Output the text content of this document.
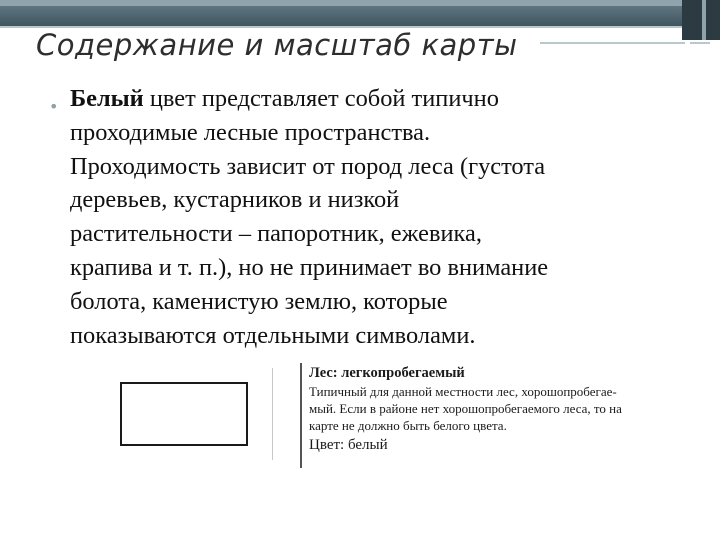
Содержание и масштаб карты
• Белый цвет представляет собой типично
проходимые лесные пространства.
Проходимость зависит от пород леса (густота
деревьев, кустарников и низкой
растительности – папоротник, ежевика,
крапива и т. п.), но не принимает во внимание
болота, каменистую землю, которые
показываются отдельными символами.
Лес: легкопробегаемый
Типичный для данной местности лес, хорошопробегае-
мый. Если в районе нет хорошопробегаемого леса, то на
карте не должно быть белого цвета.
Цвет: белый
